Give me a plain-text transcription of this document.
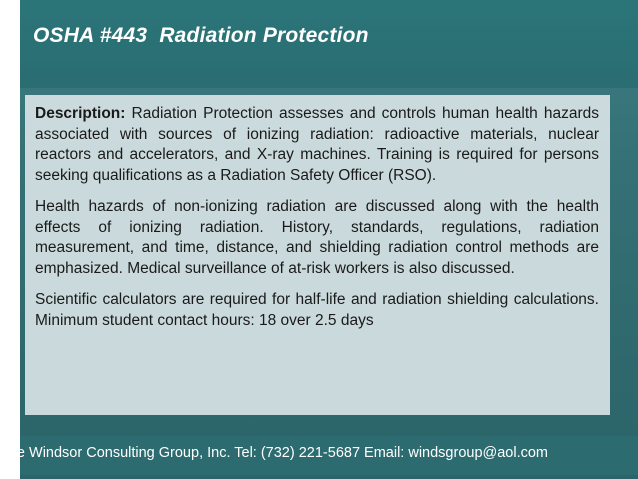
OSHA #443  Radiation Protection

Description: Radiation Protection assesses and controls human health hazards associated with sources of ionizing radiation: radioactive materials, nuclear reactors and accelerators, and X-ray machines. Training is required for persons seeking qualifications as a Radiation Safety Officer (RSO).

Health hazards of non-ionizing radiation are discussed along with the health effects of ionizing radiation. History, standards, regulations, radiation measurement, and time, distance, and shielding radiation control methods are emphasized. Medical surveillance of at-risk workers is also discussed.

Scientific calculators are required for half-life and radiation shielding calculations. Minimum student contact hours: 18 over 2.5 days

The Windsor Consulting Group, Inc. Tel: (732) 221-5687 Email: windsgroup@aol.com
